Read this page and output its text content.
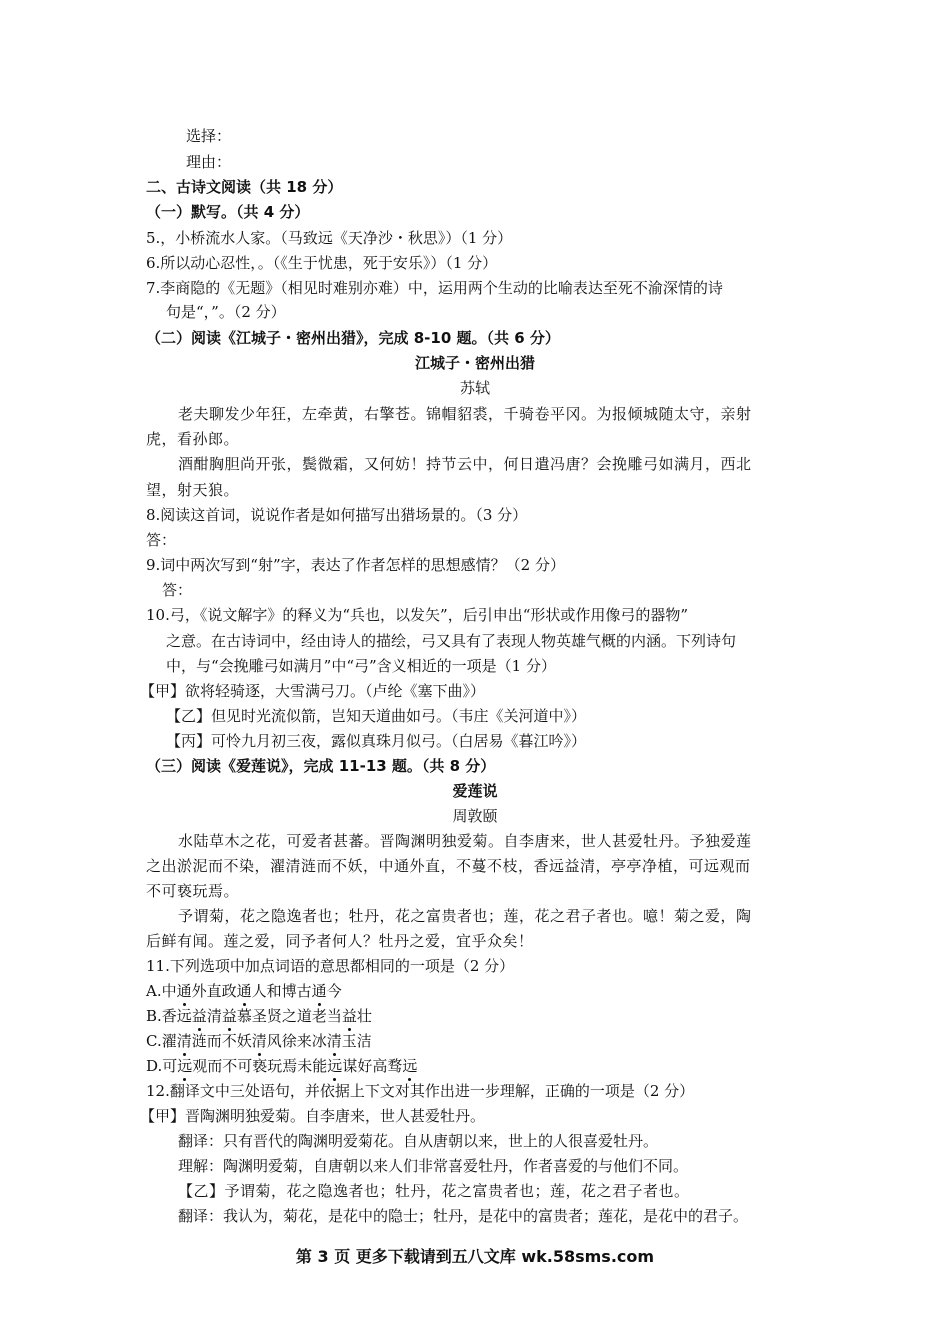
选择：
理由：
二、古诗文阅读（共 18 分）
（一）默写。（共 4 分）
5.，小桥流水人家。（马致远《天净沙・秋思》）（1 分）
6.所以动心忍性，。（《生于忧患，死于安乐》）（1 分）
7.李商隐的《无题》（相见时难别亦难）中，运用两个生动的比喻表达至死不渝深情的诗
句是“，”。（2 分）
（二）阅读《江城子・密州出猎》，完成 8-10 题。（共 6 分）
江城子・密州出猎
苏轼
老夫聊发少年狂，左牵黄，右擎苍。锦帽貂裘，千骑卷平冈。为报倾城随太守，亲射
虎，看孙郎。
酒酣胸胆尚开张，鬓微霜，又何妨！持节云中，何日遣冯唐？会挽雕弓如满月，西北
望，射天狼。
8.阅读这首词，说说作者是如何描写出猎场景的。（3 分）
答：
9.词中两次写到“射”字，表达了作者怎样的思想感情？（2 分）
答：
10.弓，《说文解字》的释义为“兵也，以发矢”，后引申出“形状或作用像弓的器物”
之意。在古诗词中，经由诗人的描绘，弓又具有了表现人物英雄气概的内涵。下列诗句
中，与“会挽雕弓如满月”中“弓”含义相近的一项是（1 分）
【甲】欲将轻骑逐，大雪满弓刀。（卢纶《塞下曲》）
【乙】但见时光流似箭，岂知天道曲如弓。（韦庄《关河道中》）
【丙】可怜九月初三夜，露似真珠月似弓。（白居易《暮江吟》）
（三）阅读《爱莲说》，完成 11-13 题。（共 8 分）
爱莲说
周敦颐
水陆草木之花，可爱者甚蕃。晋陶渊明独爱菊。自李唐来，世人甚爱牡丹。予独爱莲
之出淤泥而不染，濯清涟而不妖，中通外直，不蔓不枝，香远益清，亭亭净植，可远观而
不可亵玩焉。
予谓菊，花之隐逸者也；牡丹，花之富贵者也；莲，花之君子者也。噫！菊之爱，陶
后鲜有闻。莲之爱，同予者何人？牡丹之爱，宜乎众矣！
11.下列选项中加点词语的意思都相同的一项是（2 分）
A.中通外直政通人和博古通今
B.香远益清益慕圣贤之道老当益壮
C.濯清涟而不妖清风徐来冰清玉洁
D.可远观而不可亵玩焉未能远谋好高骛远
12.翻译文中三处语句，并依据上下文对其作出进一步理解，正确的一项是（2 分）
【甲】晋陶渊明独爱菊。自李唐来，世人甚爱牡丹。
翻译：只有晋代的陶渊明爱菊花。自从唐朝以来，世上的人很喜爱牡丹。
理解：陶渊明爱菊，自唐朝以来人们非常喜爱牡丹，作者喜爱的与他们不同。
【乙】予谓菊，花之隐逸者也；牡丹，花之富贵者也；莲，花之君子者也。
翻译：我认为，菊花，是花中的隐士；牡丹，是花中的富贵者；莲花，是花中的君子。
第 3 页 更多下载请到五八文库 wk.58sms.com
